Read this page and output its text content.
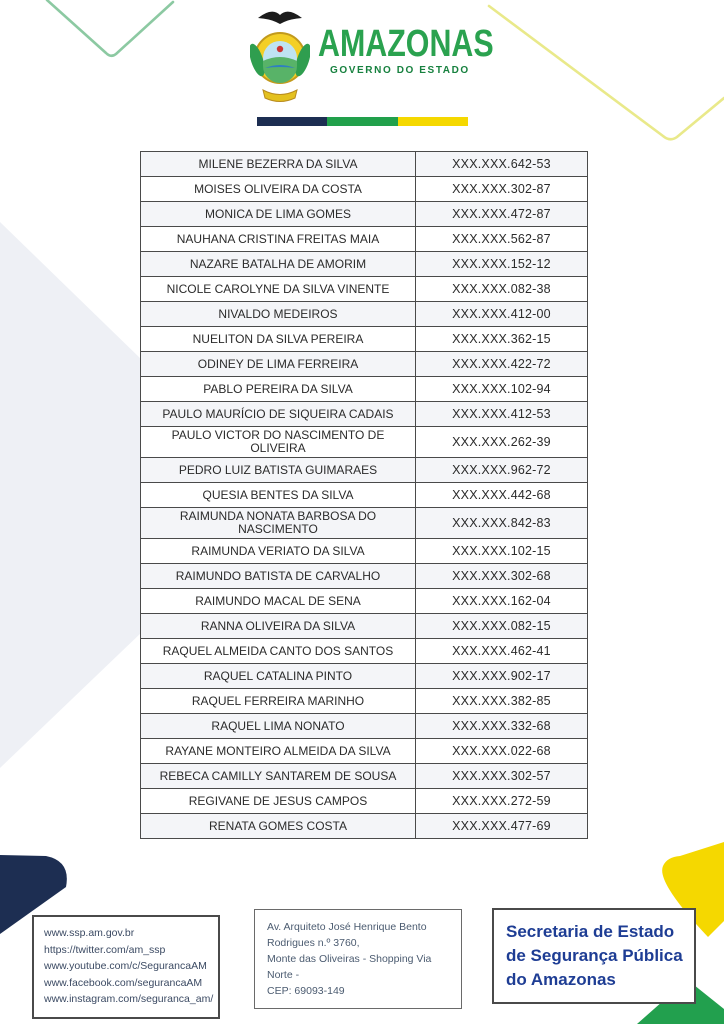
AMAZONAS
GOVERNO DO ESTADO
MILENE BEZERRA DA SILVA	XXX.XXX.642-53
MOISES OLIVEIRA DA COSTA	XXX.XXX.302-87
MONICA DE LIMA GOMES	XXX.XXX.472-87
NAUHANA CRISTINA FREITAS MAIA	XXX.XXX.562-87
NAZARE BATALHA DE AMORIM	XXX.XXX.152-12
NICOLE CAROLYNE DA SILVA VINENTE	XXX.XXX.082-38
NIVALDO MEDEIROS	XXX.XXX.412-00
NUELITON DA SILVA PEREIRA	XXX.XXX.362-15
ODINEY DE LIMA FERREIRA	XXX.XXX.422-72
PABLO PEREIRA DA SILVA	XXX.XXX.102-94
PAULO MAURÍCIO DE SIQUEIRA CADAIS	XXX.XXX.412-53
PAULO VICTOR DO NASCIMENTO DE OLIVEIRA	XXX.XXX.262-39
PEDRO LUIZ BATISTA GUIMARAES	XXX.XXX.962-72
QUESIA BENTES DA SILVA	XXX.XXX.442-68
RAIMUNDA NONATA BARBOSA DO NASCIMENTO	XXX.XXX.842-83
RAIMUNDA VERIATO DA SILVA	XXX.XXX.102-15
RAIMUNDO BATISTA DE CARVALHO	XXX.XXX.302-68
RAIMUNDO MACAL DE SENA	XXX.XXX.162-04
RANNA OLIVEIRA DA SILVA	XXX.XXX.082-15
RAQUEL ALMEIDA CANTO DOS SANTOS	XXX.XXX.462-41
RAQUEL CATALINA PINTO	XXX.XXX.902-17
RAQUEL FERREIRA MARINHO	XXX.XXX.382-85
RAQUEL LIMA NONATO	XXX.XXX.332-68
RAYANE MONTEIRO ALMEIDA DA SILVA	XXX.XXX.022-68
REBECA CAMILLY SANTAREM DE SOUSA	XXX.XXX.302-57
REGIVANE DE JESUS CAMPOS	XXX.XXX.272-59
RENATA GOMES COSTA	XXX.XXX.477-69
www.ssp.am.gov.br
https://twitter.com/am_ssp
www.youtube.com/c/SegurancaAM
www.facebook.com/segurancaAM
www.instagram.com/seguranca_am/
Av. Arquiteto José Henrique Bento
Rodrigues n.º 3760,
Monte das Oliveiras - Shopping Via Norte -
CEP: 69093-149
Secretaria de Estado
de Segurança Pública
do Amazonas
